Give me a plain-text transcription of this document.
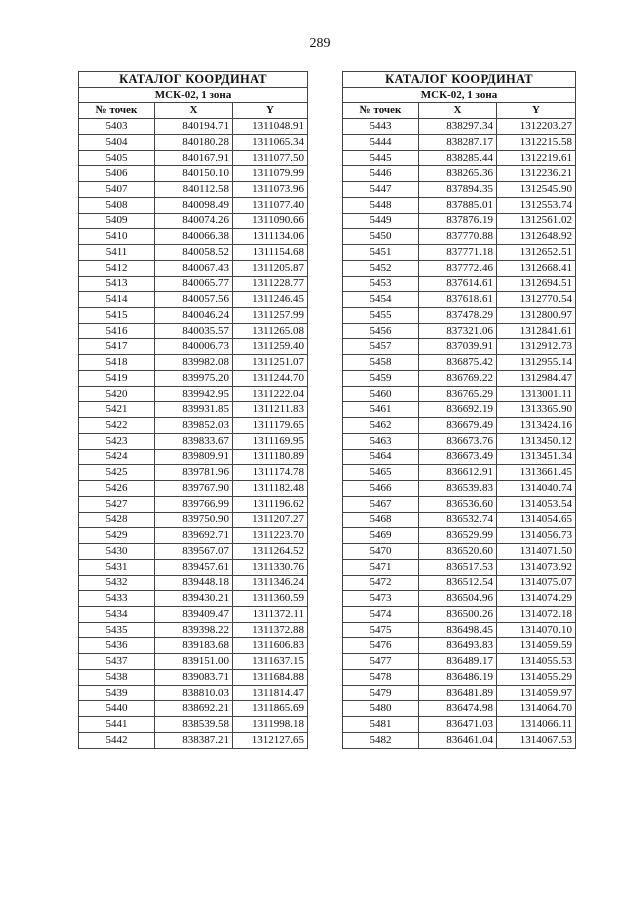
289
КАТАЛОГ КООРДИНАТ		
МСК-02, 1 зона		
№ точек	X	Y
5403	840194.71	1311048.91
5404	840180.28	1311065.34
5405	840167.91	1311077.50
5406	840150.10	1311079.99
5407	840112.58	1311073.96
5408	840098.49	1311077.40
5409	840074.26	1311090.66
5410	840066.38	1311134.06
5411	840058.52	1311154.68
5412	840067.43	1311205.87
5413	840065.77	1311228.77
5414	840057.56	1311246.45
5415	840046.24	1311257.99
5416	840035.57	1311265.08
5417	840006.73	1311259.40
5418	839982.08	1311251.07
5419	839975.20	1311244.70
5420	839942.95	1311222.04
5421	839931.85	1311211.83
5422	839852.03	1311179.65
5423	839833.67	1311169.95
5424	839809.91	1311180.89
5425	839781.96	1311174.78
5426	839767.90	1311182.48
5427	839766.99	1311196.62
5428	839750.90	1311207.27
5429	839692.71	1311223.70
5430	839567.07	1311264.52
5431	839457.61	1311330.76
5432	839448.18	1311346.24
5433	839430.21	1311360.59
5434	839409.47	1311372.11
5435	839398.22	1311372.88
5436	839183.68	1311606.83
5437	839151.00	1311637.15
5438	839083.71	1311684.88
5439	838810.03	1311814.47
5440	838692.21	1311865.69
5441	838539.58	1311998.18
5442	838387.21	1312127.65
КАТАЛОГ КООРДИНАТ		
МСК-02, 1 зона		
№ точек	X	Y
5443	838297.34	1312203.27
5444	838287.17	1312215.58
5445	838285.44	1312219.61
5446	838265.36	1312236.21
5447	837894.35	1312545.90
5448	837885.01	1312553.74
5449	837876.19	1312561.02
5450	837770.88	1312648.92
5451	837771.18	1312652.51
5452	837772.46	1312668.41
5453	837614.61	1312694.51
5454	837618.61	1312770.54
5455	837478.29	1312800.97
5456	837321.06	1312841.61
5457	837039.91	1312912.73
5458	836875.42	1312955.14
5459	836769.22	1312984.47
5460	836765.29	1313001.11
5461	836692.19	1313365.90
5462	836679.49	1313424.16
5463	836673.76	1313450.12
5464	836673.49	1313451.34
5465	836612.91	1313661.45
5466	836539.83	1314040.74
5467	836536.60	1314053.54
5468	836532.74	1314054.65
5469	836529.99	1314056.73
5470	836520.60	1314071.50
5471	836517.53	1314073.92
5472	836512.54	1314075.07
5473	836504.96	1314074.29
5474	836500.26	1314072.18
5475	836498.45	1314070.10
5476	836493.83	1314059.59
5477	836489.17	1314055.53
5478	836486.19	1314055.29
5479	836481.89	1314059.97
5480	836474.98	1314064.70
5481	836471.03	1314066.11
5482	836461.04	1314067.53
